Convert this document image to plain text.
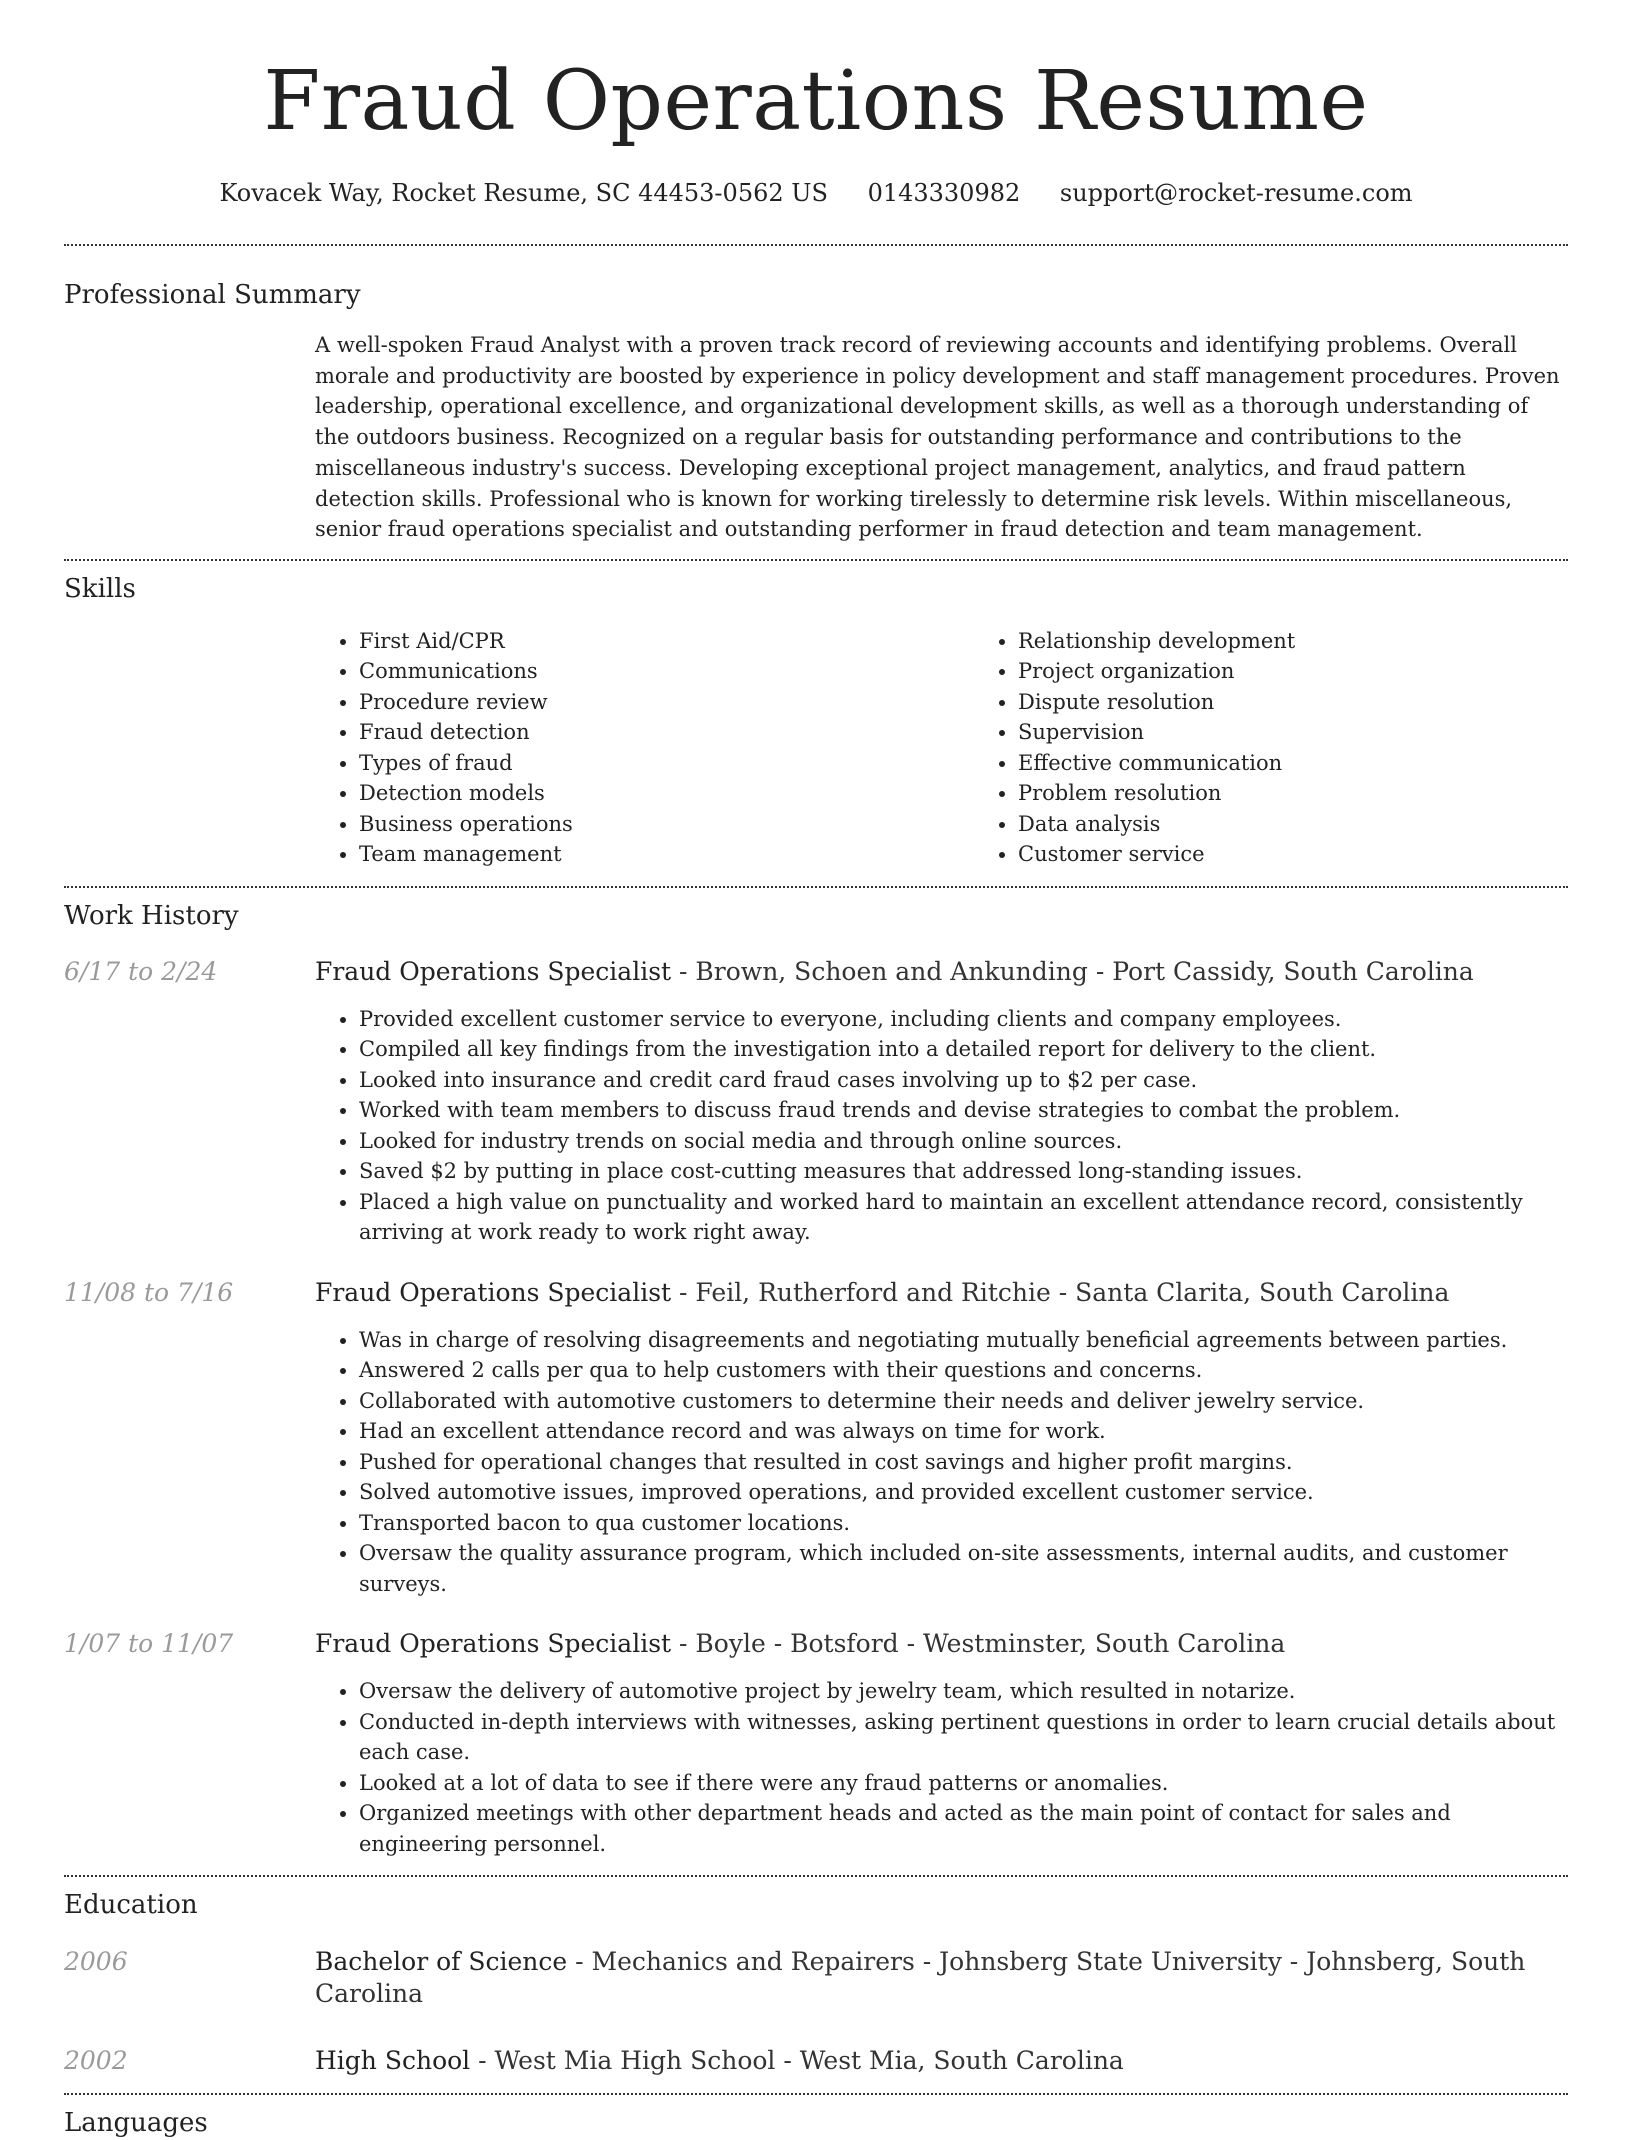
Fraud Operations Resume
Kovacek Way, Rocket Resume, SC 44453-0562 US 0143330982 support@rocket-resume.com
Professional Summary

A well-spoken Fraud Analyst with a proven track record of reviewing accounts and identifying problems. Overall morale and productivity are boosted by experience in policy development and staff management procedures. Proven leadership, operational excellence, and organizational development skills, as well as a thorough understanding of the outdoors business. Recognized on a regular basis for outstanding performance and contributions to the miscellaneous industry's success. Developing exceptional project management, analytics, and fraud pattern detection skills. Professional who is known for working tirelessly to determine risk levels. Within miscellaneous, senior fraud operations specialist and outstanding performer in fraud detection and team management.

Skills
• First Aid/CPR
• Communications
• Procedure review
• Fraud detection
• Types of fraud
• Detection models
• Business operations
• Team management
• Relationship development
• Project organization
• Dispute resolution
• Supervision
• Effective communication
• Problem resolution
• Data analysis
• Customer service
Work History
6/17 to 2/24	Fraud Operations Specialist - Brown, Schoen and Ankunding - Port Cassidy, South Carolina
• Provided excellent customer service to everyone, including clients and company employees.
• Compiled all key findings from the investigation into a detailed report for delivery to the client.
• Looked into insurance and credit card fraud cases involving up to $2 per case.
• Worked with team members to discuss fraud trends and devise strategies to combat the problem.
• Looked for industry trends on social media and through online sources.
• Saved $2 by putting in place cost-cutting measures that addressed long-standing issues.
• Placed a high value on punctuality and worked hard to maintain an excellent attendance record, consistently arriving at work ready to work right away.
11/08 to 7/16	Fraud Operations Specialist - Feil, Rutherford and Ritchie - Santa Clarita, South Carolina
• Was in charge of resolving disagreements and negotiating mutually beneficial agreements between parties.
• Answered 2 calls per qua to help customers with their questions and concerns.
• Collaborated with automotive customers to determine their needs and deliver jewelry service.
• Had an excellent attendance record and was always on time for work.
• Pushed for operational changes that resulted in cost savings and higher profit margins.
• Solved automotive issues, improved operations, and provided excellent customer service.
• Transported bacon to qua customer locations.
• Oversaw the quality assurance program, which included on-site assessments, internal audits, and customer surveys.
1/07 to 11/07	Fraud Operations Specialist - Boyle - Botsford - Westminster, South Carolina
• Oversaw the delivery of automotive project by jewelry team, which resulted in notarize.
• Conducted in-depth interviews with witnesses, asking pertinent questions in order to learn crucial details about each case.
• Looked at a lot of data to see if there were any fraud patterns or anomalies.
• Organized meetings with other department heads and acted as the main point of contact for sales and engineering personnel.
Education
2006	Bachelor of Science - Mechanics and Repairers - Johnsberg State University - Johnsberg, South Carolina
2002	High School - West Mia High School - West Mia, South Carolina
Languages
